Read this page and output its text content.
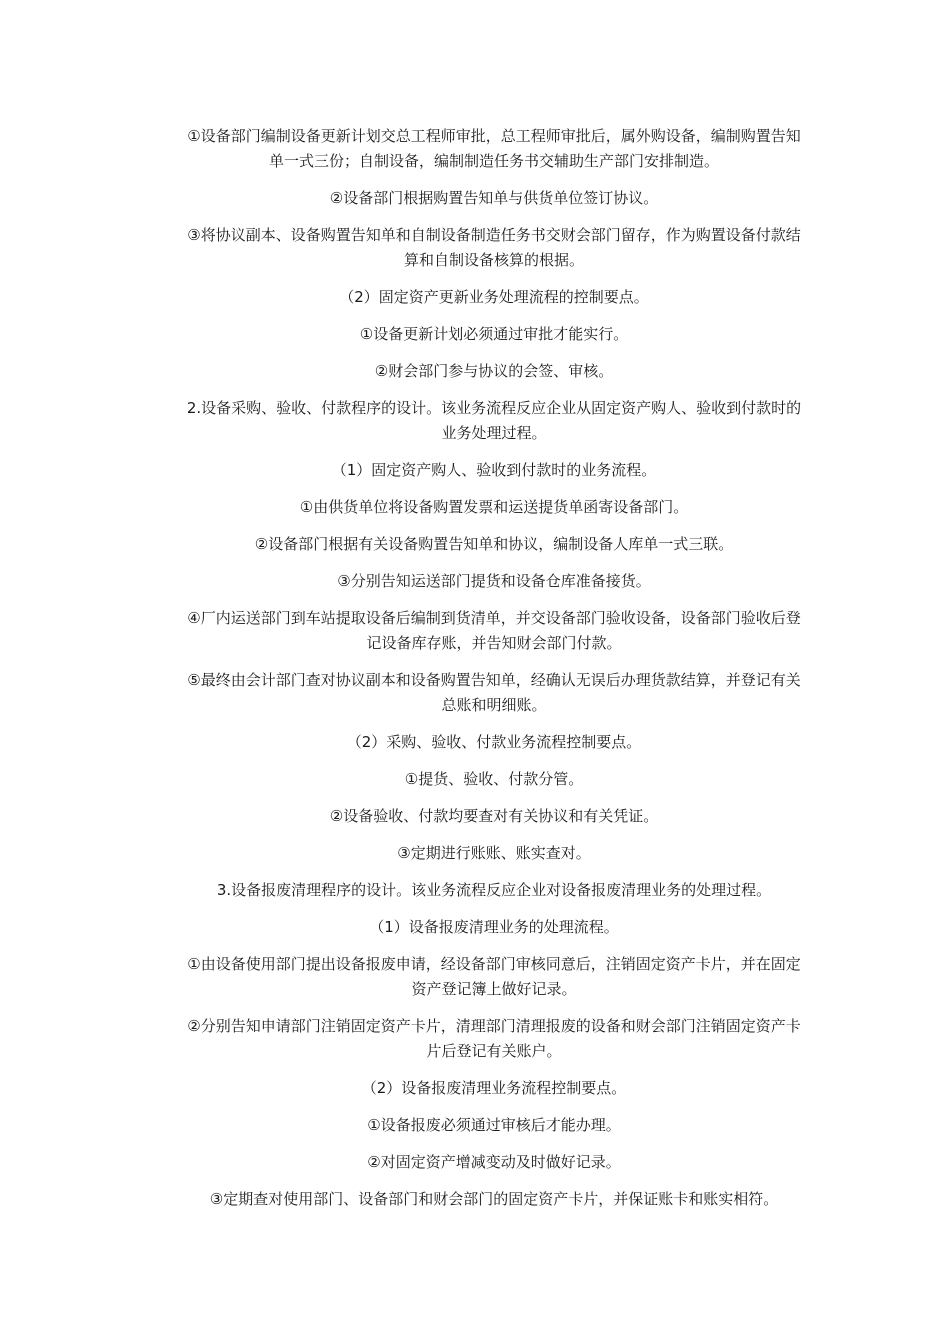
①设备部门编制设备更新计划交总工程师审批，总工程师审批后，属外购设备，编制购置告知单一式三份；自制设备，编制制造任务书交辅助生产部门安排制造。

②设备部门根据购置告知单与供货单位签订协议。

③将协议副本、设备购置告知单和自制设备制造任务书交财会部门留存，作为购置设备付款结算和自制设备核算的根据。

（2）固定资产更新业务处理流程的控制要点。

①设备更新计划必须通过审批才能实行。

②财会部门参与协议的会签、审核。

2.设备采购、验收、付款程序的设计。该业务流程反应企业从固定资产购人、验收到付款时的业务处理过程。

（1）固定资产购人、验收到付款时的业务流程。

①由供货单位将设备购置发票和运送提货单函寄设备部门。

②设备部门根据有关设备购置告知单和协议，编制设备人库单一式三联。

③分别告知运送部门提货和设备仓库准备接货。

④厂内运送部门到车站提取设备后编制到货清单，并交设备部门验收设备，设备部门验收后登记设备库存账，并告知财会部门付款。

⑤最终由会计部门查对协议副本和设备购置告知单，经确认无误后办理货款结算，并登记有关总账和明细账。

（2）采购、验收、付款业务流程控制要点。

①提货、验收、付款分管。

②设备验收、付款均要查对有关协议和有关凭证。

③定期进行账账、账实查对。

3.设备报废清理程序的设计。该业务流程反应企业对设备报废清理业务的处理过程。

（1）设备报废清理业务的处理流程。

①由设备使用部门提出设备报废申请，经设备部门审核同意后，注销固定资产卡片，并在固定资产登记簿上做好记录。

②分别告知申请部门注销固定资产卡片，清理部门清理报废的设备和财会部门注销固定资产卡片后登记有关账户。

（2）设备报废清理业务流程控制要点。

①设备报废必须通过审核后才能办理。

②对固定资产增减变动及时做好记录。

③定期查对使用部门、设备部门和财会部门的固定资产卡片，并保证账卡和账实相符。
